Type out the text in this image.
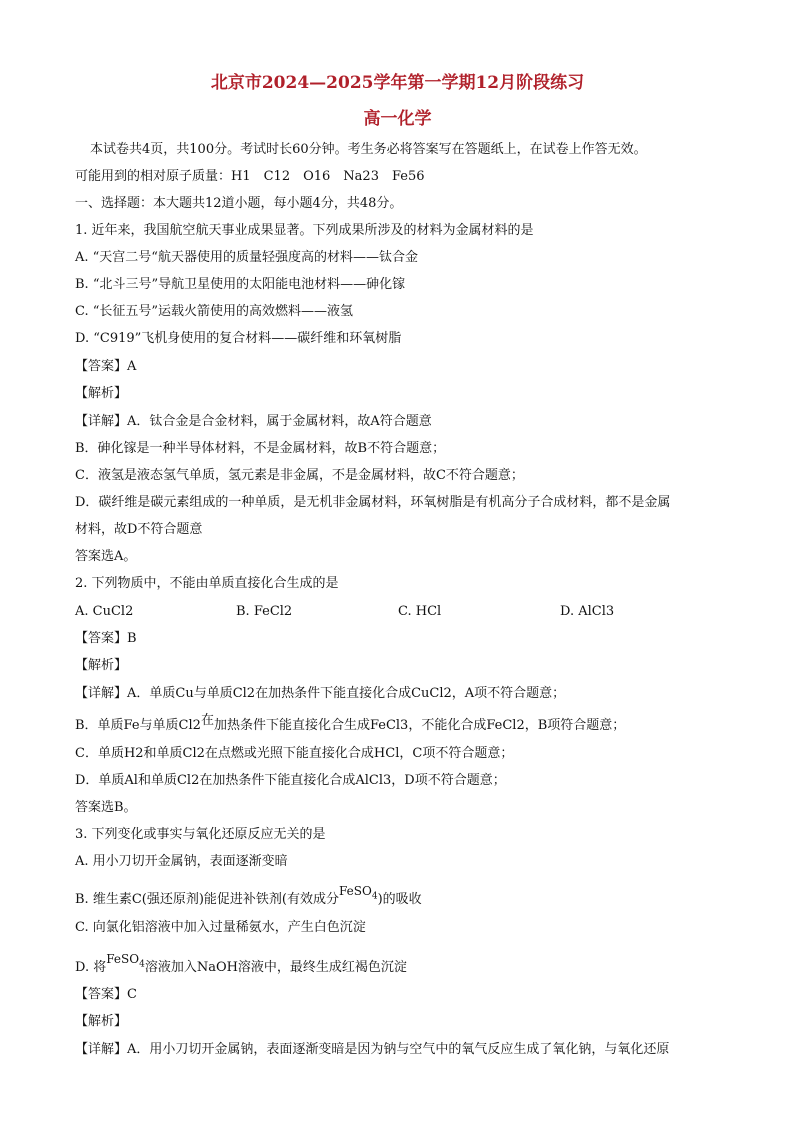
北京市2024—2025学年第一学期12月阶段练习
高一化学
本试卷共4页，共100分。考试时长60分钟。考生务必将答案写在答题纸上，在试卷上作答无效。
可能用到的相对原子质量：H1　C12　O16　Na23　Fe56
一、选择题：本大题共12道小题，每小题4分，共48分。
1. 近年来，我国航空航天事业成果显著。下列成果所涉及的材料为金属材料的是
A. “天宫二号“航天器使用的质量轻强度高的材料——钛合金
B. “北斗三号”导航卫星使用的太阳能电池材料——砷化镓
C. “长征五号”运载火箭使用的高效燃料——液氢
D. “C919”飞机身使用的复合材料——碳纤维和环氧树脂
【答案】A
【解析】
【详解】A．钛合金是合金材料，属于金属材料，故A符合题意
B．砷化镓是一种半导体材料，不是金属材料，故B不符合题意；
C．液氢是液态氢气单质，氢元素是非金属，不是金属材料，故C不符合题意；
D．碳纤维是碳元素组成的一种单质，是无机非金属材料，环氧树脂是有机高分子合成材料，都不是金属
材料，故D不符合题意
答案选A。
2. 下列物质中，不能由单质直接化合生成的是
A. CuCl2	B. FeCl2	C. HCl	D. AlCl3
【答案】B
【解析】
【详解】A．单质Cu与单质Cl2在加热条件下能直接化合成CuCl2，A项不符合题意；
B．单质Fe与单质Cl2在加热条件下能直接化合生成FeCl3，不能化合成FeCl2，B项符合题意；
C．单质H2和单质Cl2在点燃或光照下能直接化合成HCl，C项不符合题意；
D．单质Al和单质Cl2在加热条件下能直接化合成AlCl3，D项不符合题意；
答案选B。
3. 下列变化或事实与氧化还原反应无关的是
A. 用小刀切开金属钠，表面逐渐变暗
B. 维生素C(强还原剂)能促进补铁剂(有效成分FeSO$_4$)的吸收
C. 向氯化铝溶液中加入过量稀氨水，产生白色沉淀
D. 将FeSO$_4$溶液加入NaOH溶液中，最终生成红褐色沉淀
【答案】C
【解析】
【详解】A．用小刀切开金属钠，表面逐渐变暗是因为钠与空气中的氧气反应生成了氧化钠，与氧化还原
